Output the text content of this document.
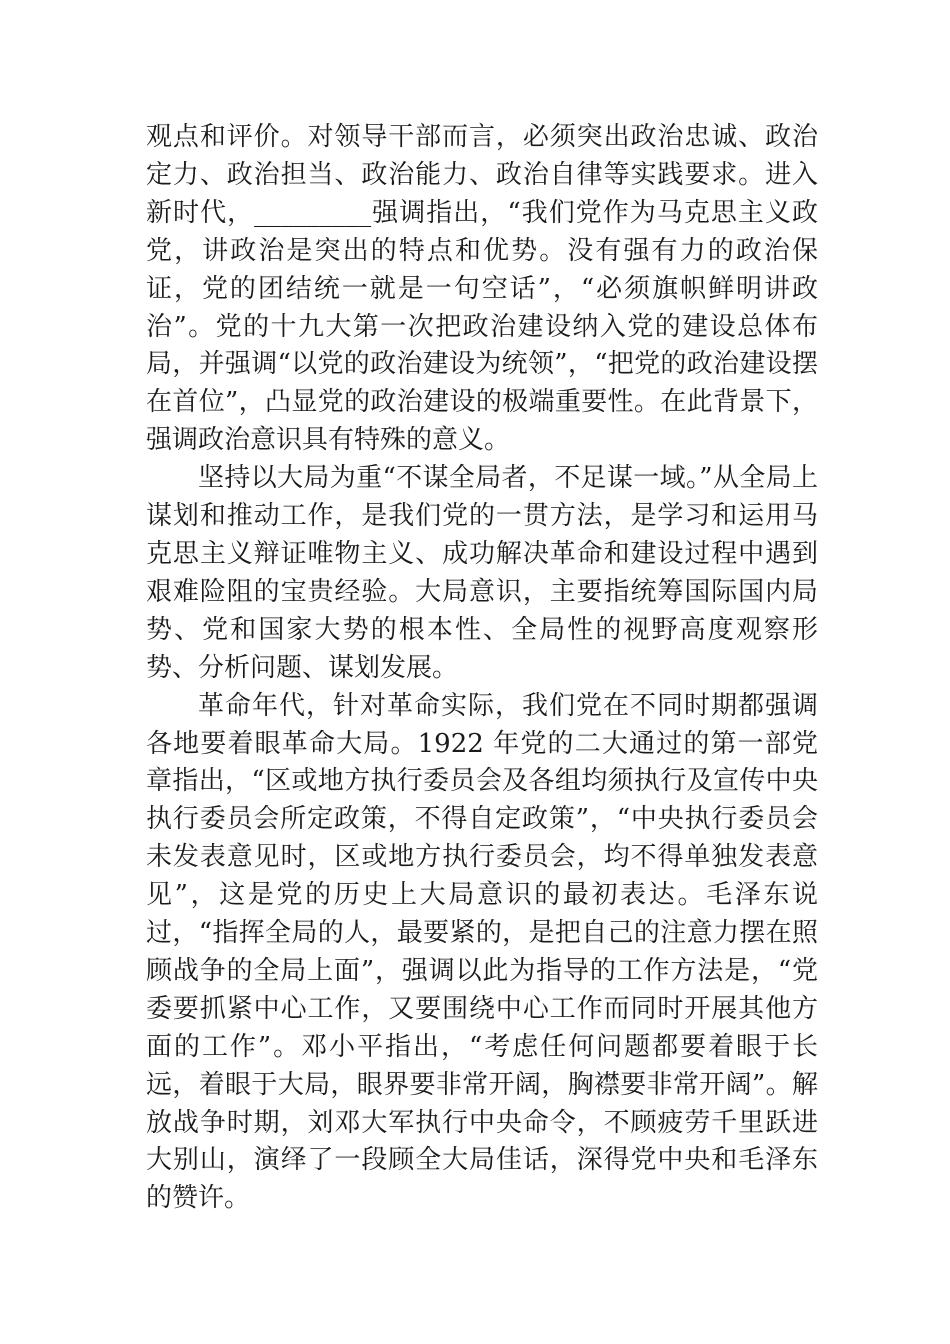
观点和评价。对领导干部而言，必须突出政治忠诚、政治定力、政治担当、政治能力、政治自律等实践要求。进入新时代，_________强调指出，“我们党作为马克思主义政党，讲政治是突出的特点和优势。没有强有力的政治保证，党的团结统一就是一句空话”，“必须旗帜鲜明讲政治”。党的十九大第一次把政治建设纳入党的建设总体布局，并强调“以党的政治建设为统领”，“把党的政治建设摆在首位”，凸显党的政治建设的极端重要性。在此背景下，强调政治意识具有特殊的意义。

坚持以大局为重“不谋全局者，不足谋一域。”从全局上谋划和推动工作，是我们党的一贯方法，是学习和运用马克思主义辩证唯物主义、成功解决革命和建设过程中遇到艰难险阻的宝贵经验。大局意识，主要指统筹国际国内局势、党和国家大势的根本性、全局性的视野高度观察形势、分析问题、谋划发展。

革命年代，针对革命实际，我们党在不同时期都强调各地要着眼革命大局。1922 年党的二大通过的第一部党章指出，“区或地方执行委员会及各组均须执行及宣传中央执行委员会所定政策，不得自定政策”，“中央执行委员会未发表意见时，区或地方执行委员会，均不得单独发表意见”，这是党的历史上大局意识的最初表达。毛泽东说过，“指挥全局的人，最要紧的，是把自己的注意力摆在照顾战争的全局上面”，强调以此为指导的工作方法是，“党委要抓紧中心工作，又要围绕中心工作而同时开展其他方面的工作”。邓小平指出，“考虑任何问题都要着眼于长远，着眼于大局，眼界要非常开阔，胸襟要非常开阔”。解放战争时期，刘邓大军执行中央命令，不顾疲劳千里跃进大别山，演绎了一段顾全大局佳话，深得党中央和毛泽东的赞许。
